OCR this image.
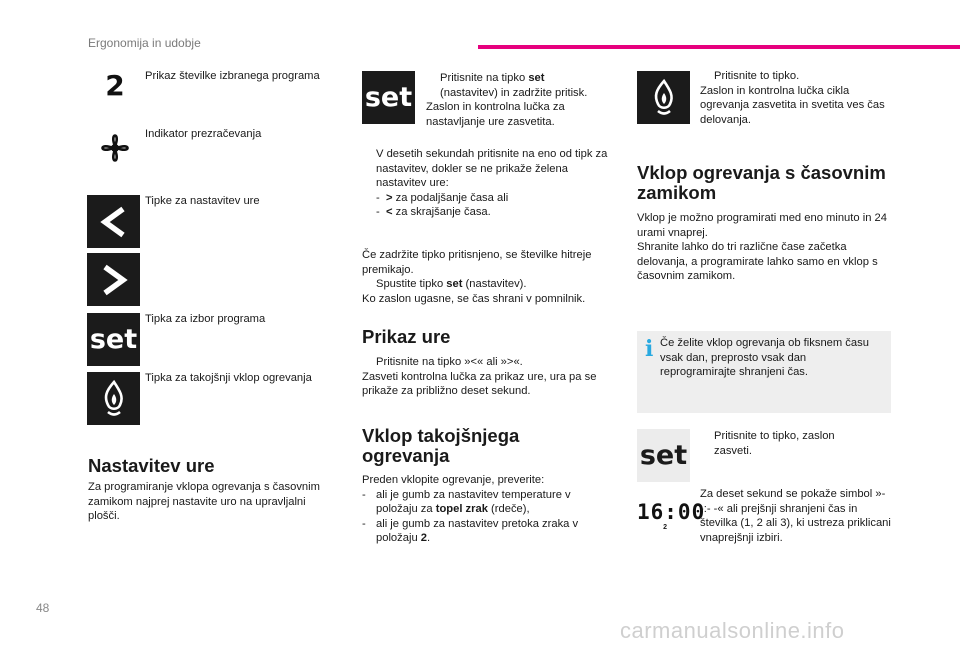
Ergonomija in udobje
2 Prikaz številke izbranega programa
Indikator prezračevanja
Tipke za nastavitev ure
set
Tipka za izbor programa
Tipka za takojšnji vklop ogrevanja
Nastavitev ure
Za programiranje vklopa ogrevanja s časovnim zamikom najprej nastavite uro na upravljalni plošči.
set
Pritisnite na tipko set
(nastavitev) in zadržite pritisk.
Zaslon in kontrolna lučka za nastavljanje ure zasvetita.
V desetih sekundah pritisnite na eno od tipk za nastavitev, dokler se ne prikaže želena nastavitev ure:
- > za podaljšanje časa ali
- < za skrajšanje časa.
Če zadržite tipko pritisnjeno, se številke hitreje premikajo.
Spustite tipko set (nastavitev).
Ko zaslon ugasne, se čas shrani v pomnilnik.
Prikaz ure
Pritisnite na tipko »<« ali »>«.
Zasveti kontrolna lučka za prikaz ure, ura pa se prikaže za približno deset sekund.
Vklop takojšnjega
ogrevanja
Preden vklopite ogrevanje, preverite:
- ali je gumb za nastavitev temperature v položaju za topel zrak (rdeče),
- ali je gumb za nastavitev pretoka zraka v položaju 2.
Pritisnite to tipko.
Zaslon in kontrolna lučka cikla ogrevanja zasvetita in svetita ves čas delovanja.
Vklop ogrevanja s časovnim
zamikom
Vklop je možno programirati med eno minuto in 24 urami vnaprej.
Shranite lahko do tri različne čase začetka delovanja, a programirate lahko samo en vklop s časovnim zamikom.
i Če želite vklop ogrevanja ob fiksnem času vsak dan, preprosto vsak dan reprogramirajte shranjeni čas.
set
Pritisnite to tipko, zaslon zasveti.
16:00
2
Za deset sekund se pokaže simbol »- -:- -« ali prejšnji shranjeni čas in številka (1, 2 ali 3), ki ustreza priklicani vnaprejšnji izbiri.
48
carmanualsonline.info
